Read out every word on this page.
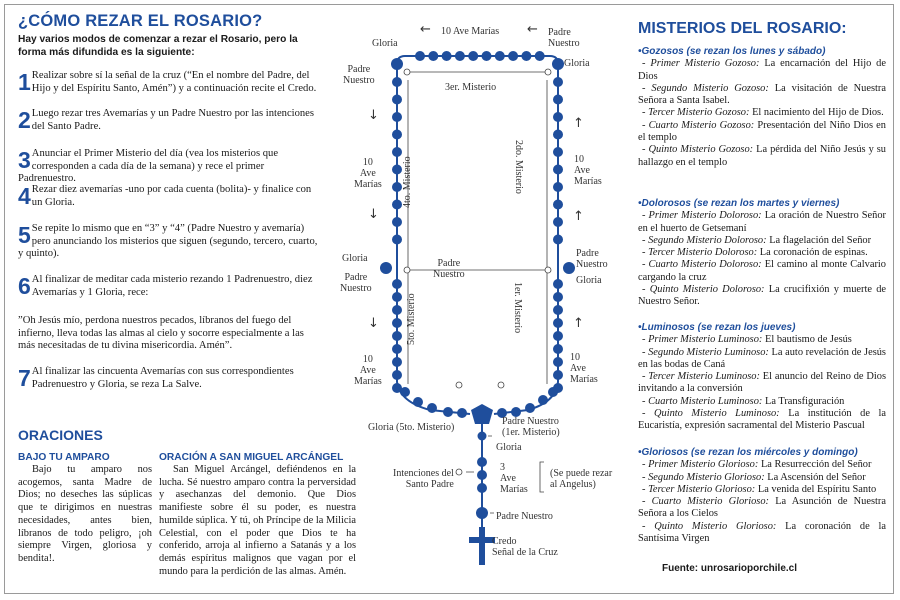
¿CÓMO REZAR EL ROSARIO?
Hay varios modos de comenzar a rezar el Rosario, pero la forma más difundida es la siguiente:
1 Realizar sobre sí la señal de la cruz (“En el nombre del Padre, del Hijo y del Espíritu Santo, Amén”) y a continuación recite el Credo.
2 Luego rezar tres Avemarías y un Padre Nuestro por las intenciones del Santo Padre.
3 Anunciar el Primer Misterio del día (vea los misterios que corresponden a cada día de la semana) y rece el primer Padrenuestro.
4 Rezar diez avemarías -uno por cada cuenta (bolita)- y finalice con un Gloria.
5 Se repite lo mismo que en “3” y “4” (Padre Nuestro y avemaría) pero anunciando los misterios que siguen (segundo, tercero, cuarto, y quinto).
6 Al finalizar de meditar cada misterio rezando 1 Padrenuestro, diez Avemarías y 1 Gloria, rece:
”Oh Jesús mío, perdona nuestros pecados, líbranos del fuego del infierno, lleva todas las almas al cielo y socorre especialmente a las más necesitadas de tu divina misericordia. Amén”.
7 Al finalizar las cincuenta Avemarías con sus correspondientes Padrenuestro y Gloria, se reza La Salve.
ORACIONES
BAJO TU AMPARO
Bajo tu amparo nos acogemos, santa Madre de Dios; no deseches las súplicas que te dirigimos en nuestras necesidades, antes bien, líbranos de todo peligro, ¡oh siempre Virgen, gloriosa y bendita!.
ORACIÓN A SAN MIGUEL ARCÁNGEL
San Miguel Arcángel, defiéndenos en la lucha. Sé nuestro amparo contra la perversidad y asechanzas del demonio. Que Dios manifieste sobre él su poder, es nuestra humilde súplica. Y tú, oh Príncipe de la Milicia Celestial, con el poder que Dios te ha conferido, arroja al infierno a Satanás y a los demás espíritus malignos que vagan por el mundo para la perdición de las almas. Amén.
10 Ave Marías
←	←
Gloria
Padre
Nuestro
Padre
Nuestro
Gloria
3er. Misterio
4to. Misterio	2do. Misterio
5to. Misterio	1er. Misterio
Padre
Nuestro
10
Ave
Marías
10
Ave
Marías
↓
↓
↑
↑
Gloria
Padre
Nuestro
Padre
Nuestro
Gloria
↓	↑
10
Ave
Marías
10
Ave
Marías
Gloria (5to. Misterio)
Padre Nuestro
(1er. Misterio)
Gloria
Intenciones del
Santo Padre
3
Ave
Marías
(Se puede rezar
al Angelus)
Padre Nuestro
Credo
Señal de la Cruz
MISTERIOS DEL ROSARIO:
•Gozosos (se rezan los lunes y sábado)
- Primer Misterio Gozoso: La encarnación del Hijo de Dios
- Segundo Misterio Gozoso: La visitación de Nuestra Señora a Santa Isabel.
- Tercer Misterio Gozoso: El nacimiento del Hijo de Dios.
- Cuarto Misterio Gozoso: Presentación del Niño Dios en el templo
- Quinto Misterio Gozoso: La pérdida del Niño Jesús y su hallazgo en el templo
•Dolorosos (se rezan los martes y viernes)
- Primer Misterio Doloroso: La oración de Nuestro Señor en el huerto de Getsemaní
- Segundo Misterio Doloroso: La flagelación del Señor
- Tercer Misterio Doloroso: La coronación de espinas.
- Cuarto Misterio Doloroso: El camino al monte Calvario cargando la cruz
- Quinto Misterio Doloroso: La crucifixión y muerte de Nuestro Señor.
•Luminosos (se rezan los jueves)
- Primer Misterio Luminoso: El bautismo de Jesús
- Segundo Misterio Luminoso: La auto revelación de Jesús en las bodas de Caná
- Tercer Misterio Luminoso: El anuncio del Reino de Dios invitando a la conversión
- Cuarto Misterio Luminoso: La Transfiguración
- Quinto Misterio Luminoso: La institución de la Eucaristía, expresión sacramental del Misterio Pascual
•Gloriosos (se rezan los miércoles y domingo)
- Primer Misterio Glorioso: La Resurrección del Señor
- Segundo Misterio Glorioso: La Ascensión del Señor
- Tercer Misterio Glorioso: La venida del Espíritu Santo
- Cuarto Misterio Glorioso: La Asunción de Nuestra Señora a los Cielos
- Quinto Misterio Glorioso: La coronación de la Santísima Virgen
Fuente: unrosarioporchile.cl
